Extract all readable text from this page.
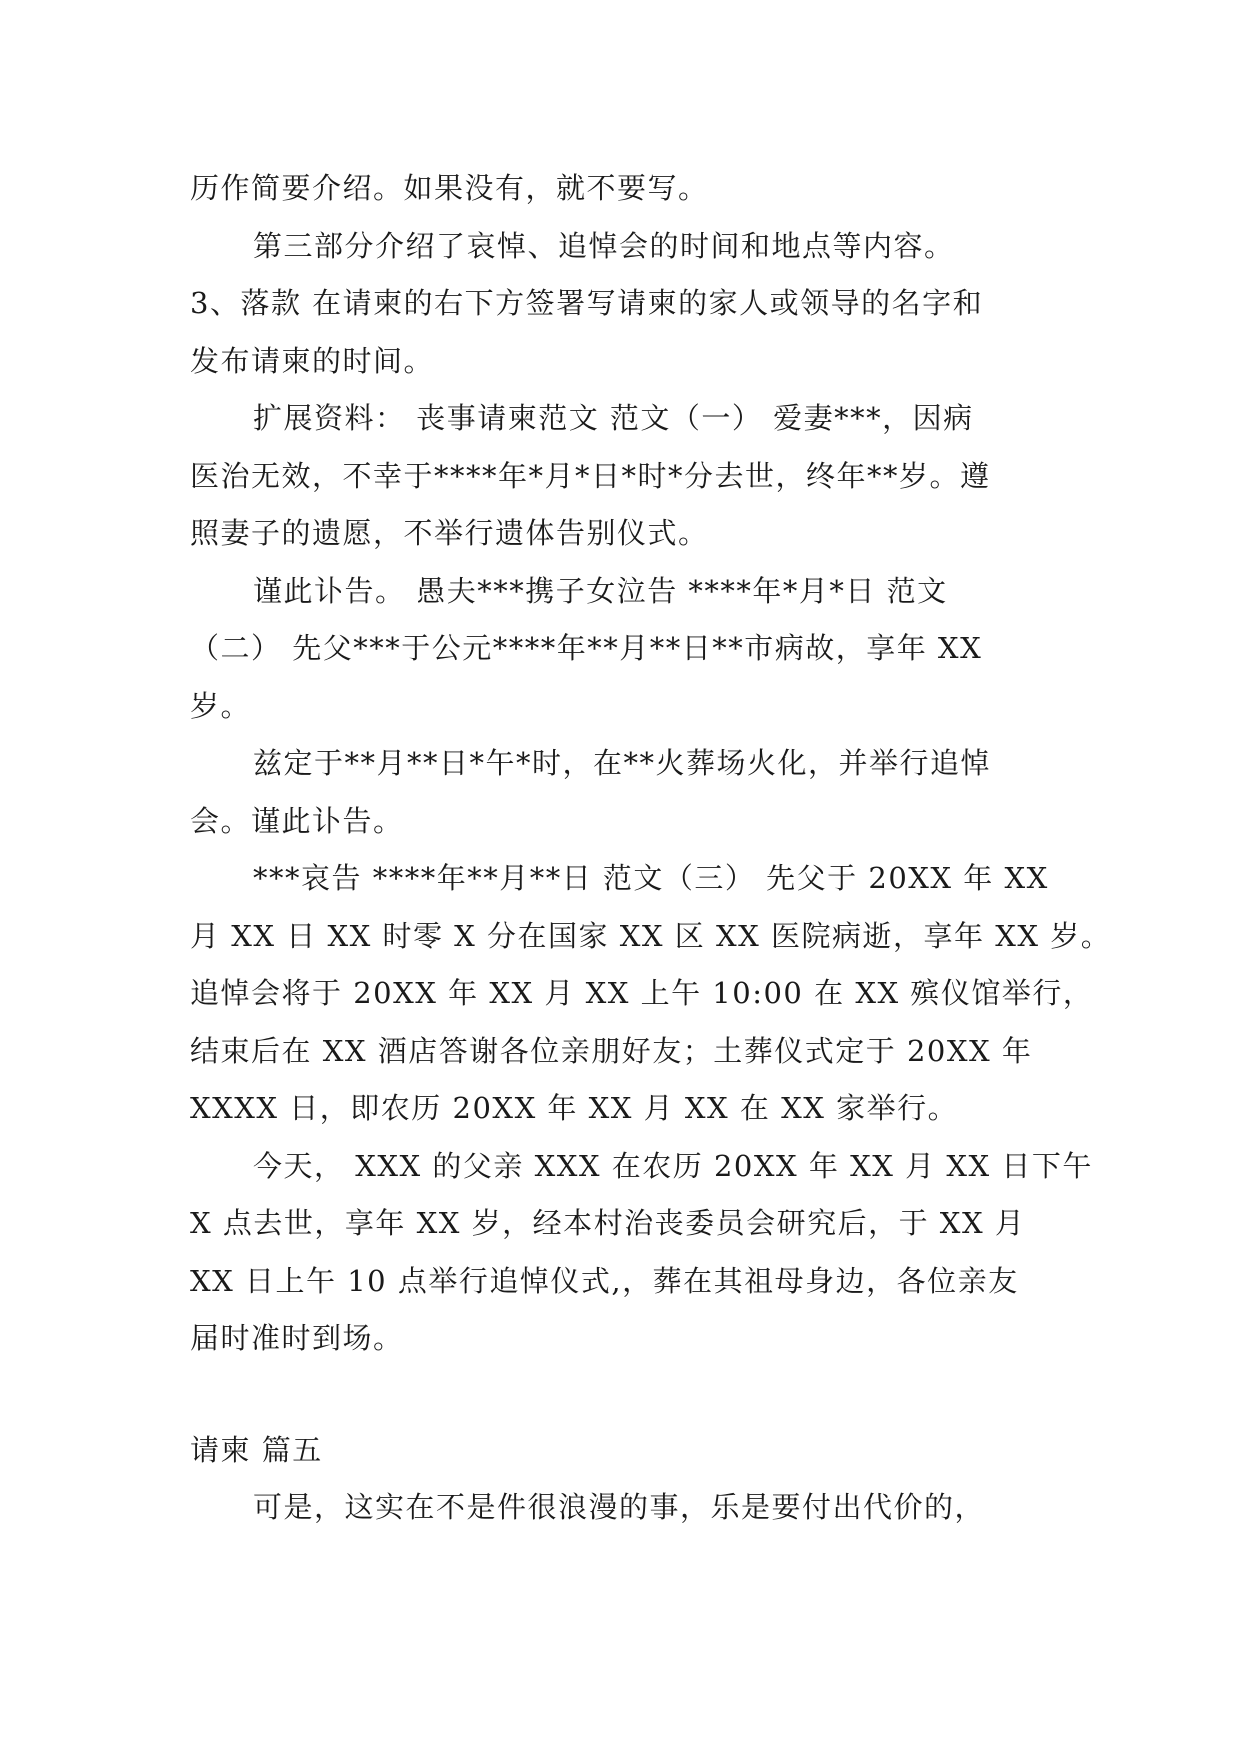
历作简要介绍。如果没有，就不要写。
第三部分介绍了哀悼、追悼会的时间和地点等内容。
3、落款 在请柬的右下方签署写请柬的家人或领导的名字和
发布请柬的时间。
扩展资料： 丧事请柬范文 范文（一） 爱妻***，因病
医治无效，不幸于****年*月*日*时*分去世，终年**岁。遵
照妻子的遗愿，不举行遗体告别仪式。
谨此讣告。 愚夫***携子女泣告 ****年*月*日 范文
（二） 先父***于公元****年**月**日**市病故，享年 XX
岁。
兹定于**月**日*午*时，在**火葬场火化，并举行追悼
会。谨此讣告。
***哀告 ****年**月**日 范文（三） 先父于 20XX 年 XX
月 XX 日 XX 时零 X 分在国家 XX 区 XX 医院病逝，享年 XX 岁。
追悼会将于 20XX 年 XX 月 XX 上午 10:00 在 XX 殡仪馆举行，
结束后在 XX 酒店答谢各位亲朋好友；土葬仪式定于 20XX 年
XXXX 日，即农历 20XX 年 XX 月 XX 在 XX 家举行。
今天， XXX 的父亲 XXX 在农历 20XX 年 XX 月 XX 日下午
X 点去世，享年 XX 岁，经本村治丧委员会研究后，于 XX 月
XX 日上午 10 点举行追悼仪式,，葬在其祖母身边，各位亲友
届时准时到场。
请柬 篇五
可是，这实在不是件很浪漫的事，乐是要付出代价的，
